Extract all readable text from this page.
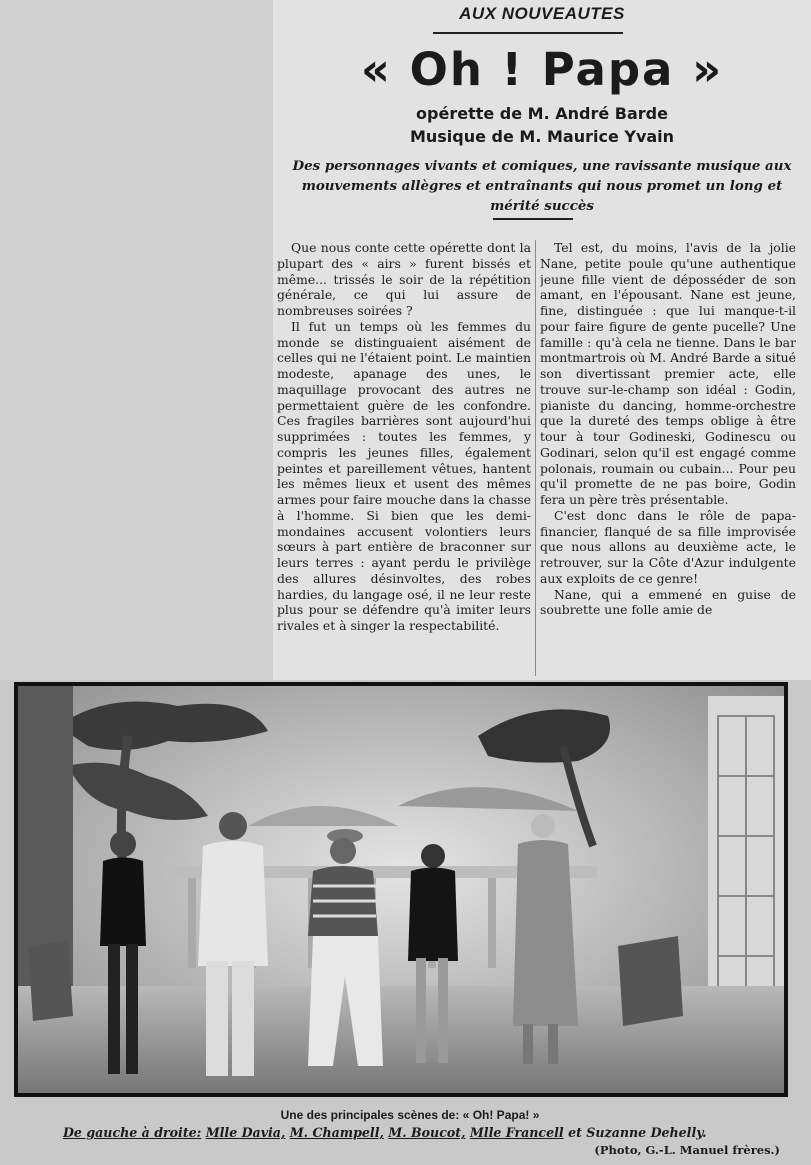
AUX NOUVEAUTES
« Oh ! Papa »
opérette de M. André Barde
Musique de M. Maurice Yvain
Des personnages vivants et comiques, une ravissante musique aux mouvements allègres et entraînants qui nous promet un long et mérité succès

Que nous conte cette opérette dont la plupart des « airs » furent bissés et même... trissés le soir de la répétition générale, ce qui lui assure de nombreuses soirées ?

Il fut un temps où les femmes du monde se distinguaient aisément de celles qui ne l'étaient point. Le maintien modeste, apanage des unes, le maquillage provocant des autres ne permettaient guère de les confondre. Ces fragiles barrières sont aujourd'hui supprimées : toutes les femmes, y compris les jeunes filles, également peintes et pareillement vêtues, hantent les mêmes lieux et usent des mêmes armes pour faire mouche dans la chasse à l'homme. Si bien que les demi-mondaines accusent volontiers leurs sœurs à part entière de braconner sur leurs terres : ayant perdu le privilège des allures désinvoltes, des robes hardies, du langage osé, il ne leur reste plus pour se défendre qu'à imiter leurs rivales et à singer la respectabilité.

Tel est, du moins, l'avis de la jolie Nane, petite poule qu'une authentique jeune fille vient de déposséder de son amant, en l'épousant. Nane est jeune, fine, distinguée : que lui manque-t-il pour faire figure de gente pucelle? Une famille : qu'à cela ne tienne. Dans le bar montmartrois où M. André Barde a situé son divertissant premier acte, elle trouve sur-le-champ son idéal : Godin, pianiste du dancing, homme-orchestre que la dureté des temps oblige à être tour à tour Godineski, Godinescu ou Godinari, selon qu'il est engagé comme polonais, roumain ou cubain... Pour peu qu'il promette de ne pas boire, Godin fera un père très présentable.

C'est donc dans le rôle de papa-financier, flanqué de sa fille improvisée que nous allons au deuxième acte, le retrouver, sur la Côte d'Azur indulgente aux exploits de ce genre!

Nane, qui a emmené en guise de soubrette une folle amie de

Une des principales scènes de: « Oh! Papa! »
De gauche à droite: Mlle Davia, M. Champell, M. Boucot, Mlle Francell et Suzanne Dehelly.
(Photo, G.-L. Manuel frères.)
